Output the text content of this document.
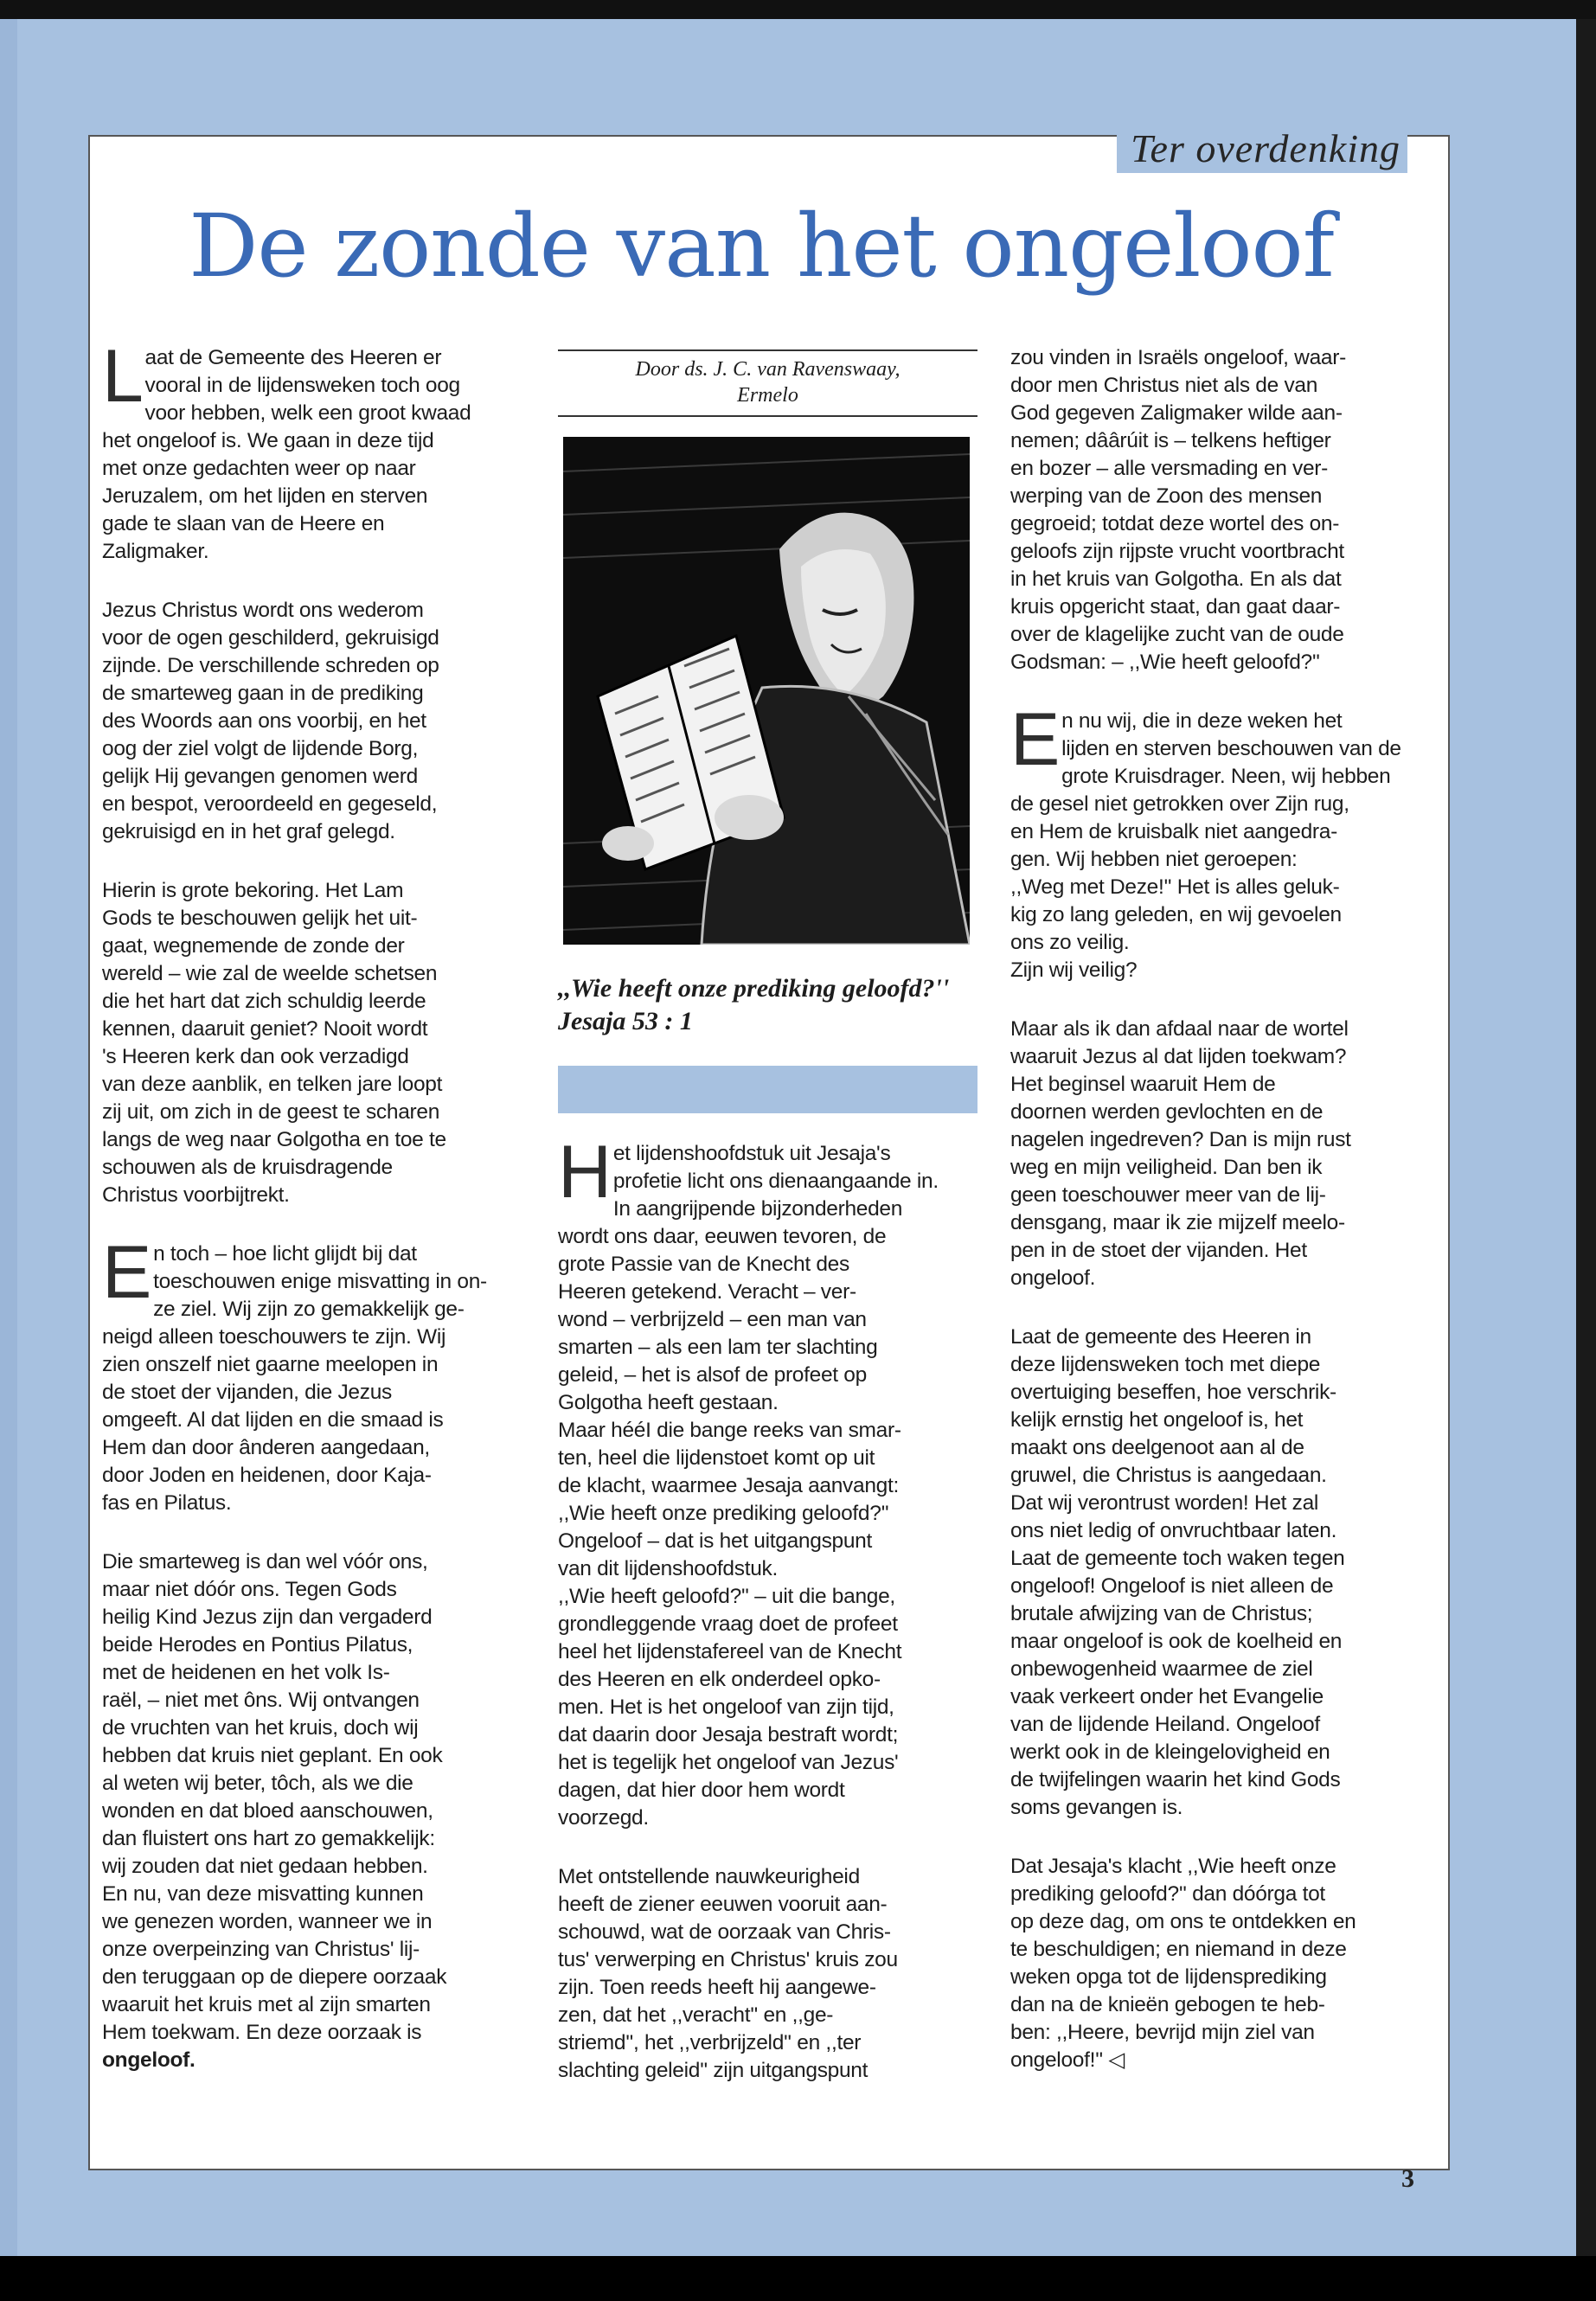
Ter overdenking
De zonde van het ongeloof

Laat de Gemeente des Heeren er
vooral in de lijdensweken toch oog
voor hebben, welk een groot kwaad
het ongeloof is. We gaan in deze tijd
met onze gedachten weer op naar
Jeruzalem, om het lijden en sterven
gade te slaan van de Heere en
Zaligmaker.

Jezus Christus wordt ons wederom
voor de ogen geschilderd, gekruisigd
zijnde. De verschillende schreden op
de smarteweg gaan in de prediking
des Woords aan ons voorbij, en het
oog der ziel volgt de lijdende Borg,
gelijk Hij gevangen genomen werd
en bespot, veroordeeld en gegeseld,
gekruisigd en in het graf gelegd.

Hierin is grote bekoring. Het Lam
Gods te beschouwen gelijk het uit-
gaat, wegnemende de zonde der
wereld – wie zal de weelde schetsen
die het hart dat zich schuldig leerde
kennen, daaruit geniet? Nooit wordt
's Heeren kerk dan ook verzadigd
van deze aanblik, en telken jare loopt
zij uit, om zich in de geest te scharen
langs de weg naar Golgotha en toe te
schouwen als de kruisdragende
Christus voorbijtrekt.

En toch – hoe licht glijdt bij dat
toeschouwen enige misvatting in on-
ze ziel. Wij zijn zo gemakkelijk ge-
neigd alleen toeschouwers te zijn. Wij
zien onszelf niet gaarne meelopen in
de stoet der vijanden, die Jezus
omgeeft. Al dat lijden en die smaad is
Hem dan door ânderen aangedaan,
door Joden en heidenen, door Kaja-
fas en Pilatus.

Die smarteweg is dan wel vóór ons,
maar niet dóór ons. Tegen Gods
heilig Kind Jezus zijn dan vergaderd
beide Herodes en Pontius Pilatus,
met de heidenen en het volk Is-
raël, – niet met ôns. Wij ontvangen
de vruchten van het kruis, doch wij
hebben dat kruis niet geplant. En ook
al weten wij beter, tôch, als we die
wonden en dat bloed aanschouwen,
dan fluistert ons hart zo gemakkelijk:
wij zouden dat niet gedaan hebben.
En nu, van deze misvatting kunnen
we genezen worden, wanneer we in
onze overpeinzing van Christus' lij-
den teruggaan op de diepere oorzaak
waaruit het kruis met al zijn smarten
Hem toekwam. En deze oorzaak is
ongeloof.

Door ds. J. C. van Ravenswaay,
Ermelo
,,Wie heeft onze prediking geloofd?'' Jesaja 53 : 1

Het lijdenshoofdstuk uit Jesaja's
profetie licht ons dienaangaande in.
In aangrijpende bijzonderheden
wordt ons daar, eeuwen tevoren, de
grote Passie van de Knecht des
Heeren getekend. Veracht – ver-
wond – verbrijzeld – een man van
smarten – als een lam ter slachting
geleid, – het is alsof de profeet op
Golgotha heeft gestaan.
Maar hééI die bange reeks van smar-
ten, heel die lijdenstoet komt op uit
de klacht, waarmee Jesaja aanvangt:
,,Wie heeft onze prediking geloofd?''
Ongeloof – dat is het uitgangspunt
van dit lijdenshoofdstuk.
,,Wie heeft geloofd?'' – uit die bange,
grondleggende vraag doet de profeet
heel het lijdenstafereel van de Knecht
des Heeren en elk onderdeel opko-
men. Het is het ongeloof van zijn tijd,
dat daarin door Jesaja bestraft wordt;
het is tegelijk het ongeloof van Jezus'
dagen, dat hier door hem wordt
voorzegd.

Met ontstellende nauwkeurigheid
heeft de ziener eeuwen vooruit aan-
schouwd, wat de oorzaak van Chris-
tus' verwerping en Christus' kruis zou
zijn. Toen reeds heeft hij aangewe-
zen, dat het ,,veracht'' en ,,ge-
striemd'', het ,,verbrijzeld'' en ,,ter
slachting geleid'' zijn uitgangspunt

zou vinden in Israëls ongeloof, waar-
door men Christus niet als de van
God gegeven Zaligmaker wilde aan-
nemen; dâârúit is – telkens heftiger
en bozer – alle versmading en ver-
werping van de Zoon des mensen
gegroeid; totdat deze wortel des on-
geloofs zijn rijpste vrucht voortbracht
in het kruis van Golgotha. En als dat
kruis opgericht staat, dan gaat daar-
over de klagelijke zucht van de oude
Godsman: – ,,Wie heeft geloofd?''

En nu wij, die in deze weken het
lijden en sterven beschouwen van de
grote Kruisdrager. Neen, wij hebben
de gesel niet getrokken over Zijn rug,
en Hem de kruisbalk niet aangedra-
gen. Wij hebben niet geroepen:
,,Weg met Deze!'' Het is alles geluk-
kig zo lang geleden, en wij gevoelen
ons zo veilig.
Zijn wij veilig?

Maar als ik dan afdaal naar de wortel
waaruit Jezus al dat lijden toekwam?
Het beginsel waaruit Hem de
doornen werden gevlochten en de
nagelen ingedreven? Dan is mijn rust
weg en mijn veiligheid. Dan ben ik
geen toeschouwer meer van de lij-
densgang, maar ik zie mijzelf meelo-
pen in de stoet der vijanden. Het
ongeloof.

Laat de gemeente des Heeren in
deze lijdensweken toch met diepe
overtuiging beseffen, hoe verschrik-
kelijk ernstig het ongeloof is, het
maakt ons deelgenoot aan al de
gruwel, die Christus is aangedaan.
Dat wij verontrust worden! Het zal
ons niet ledig of onvruchtbaar laten.
Laat de gemeente toch waken tegen
ongeloof! Ongeloof is niet alleen de
brutale afwijzing van de Christus;
maar ongeloof is ook de koelheid en
onbewogenheid waarmee de ziel
vaak verkeert onder het Evangelie
van de lijdende Heiland. Ongeloof
werkt ook in de kleingelovigheid en
de twijfelingen waarin het kind Gods
soms gevangen is.

Dat Jesaja's klacht ,,Wie heeft onze
prediking geloofd?'' dan dóórga tot
op deze dag, om ons te ontdekken en
te beschuldigen; en niemand in deze
weken opga tot de lijdensprediking
dan na de knieën gebogen te heb-
ben: ,,Heere, bevrijd mijn ziel van
ongeloof!'' ◁

3
